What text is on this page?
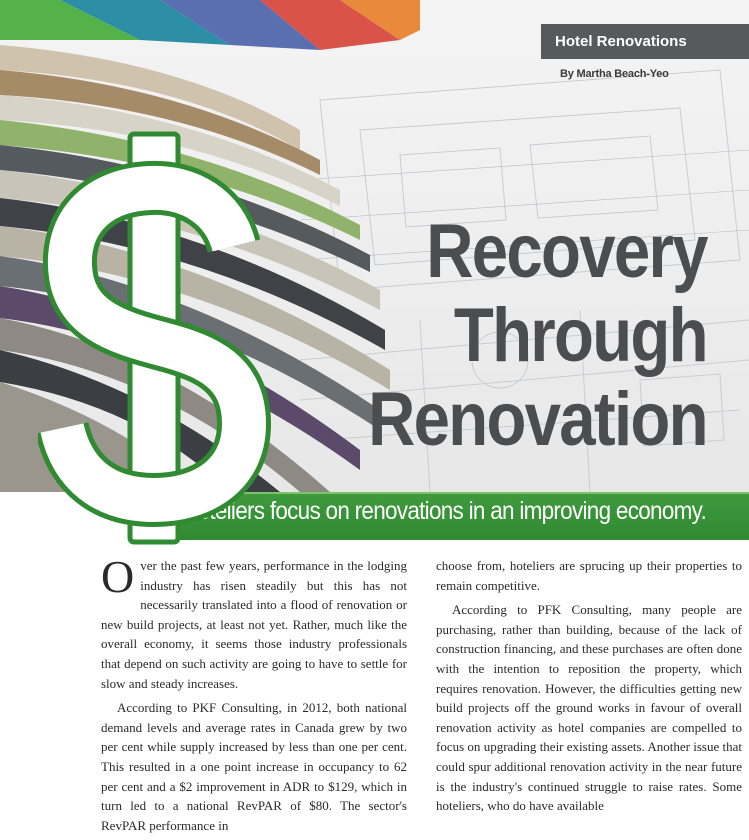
Hotel Renovations
By Martha Beach-Yeo
Recovery
Through
Renovation
Hoteliers focus on renovations in an improving economy.

Over the past few years, performance in the lodging industry has risen steadily but this has not necessarily translated into a flood of renovation or new build projects, at least not yet. Rather, much like the overall economy, it seems those industry professionals that depend on such activity are going to have to settle for slow and steady increases.

According to PKF Consulting, in 2012, both national demand levels and average rates in Canada grew by two per cent while supply increased by less than one per cent. This resulted in a one point increase in occupancy to 62 per cent and a $2 improvement in ADR to $129, which in turn led to a national RevPAR of $80. The sector's RevPAR performance in

choose from, hoteliers are sprucing up their properties to remain competitive.

According to PFK Consulting, many people are purchasing, rather than building, because of the lack of construction financing, and these purchases are often done with the intention to reposition the property, which requires renovation. However, the difficulties getting new build projects off the ground works in favour of overall renovation activity as hotel companies are compelled to focus on upgrading their existing assets. Another issue that could spur additional renovation activity in the near future is the industry's continued struggle to raise rates. Some hoteliers, who do have available
